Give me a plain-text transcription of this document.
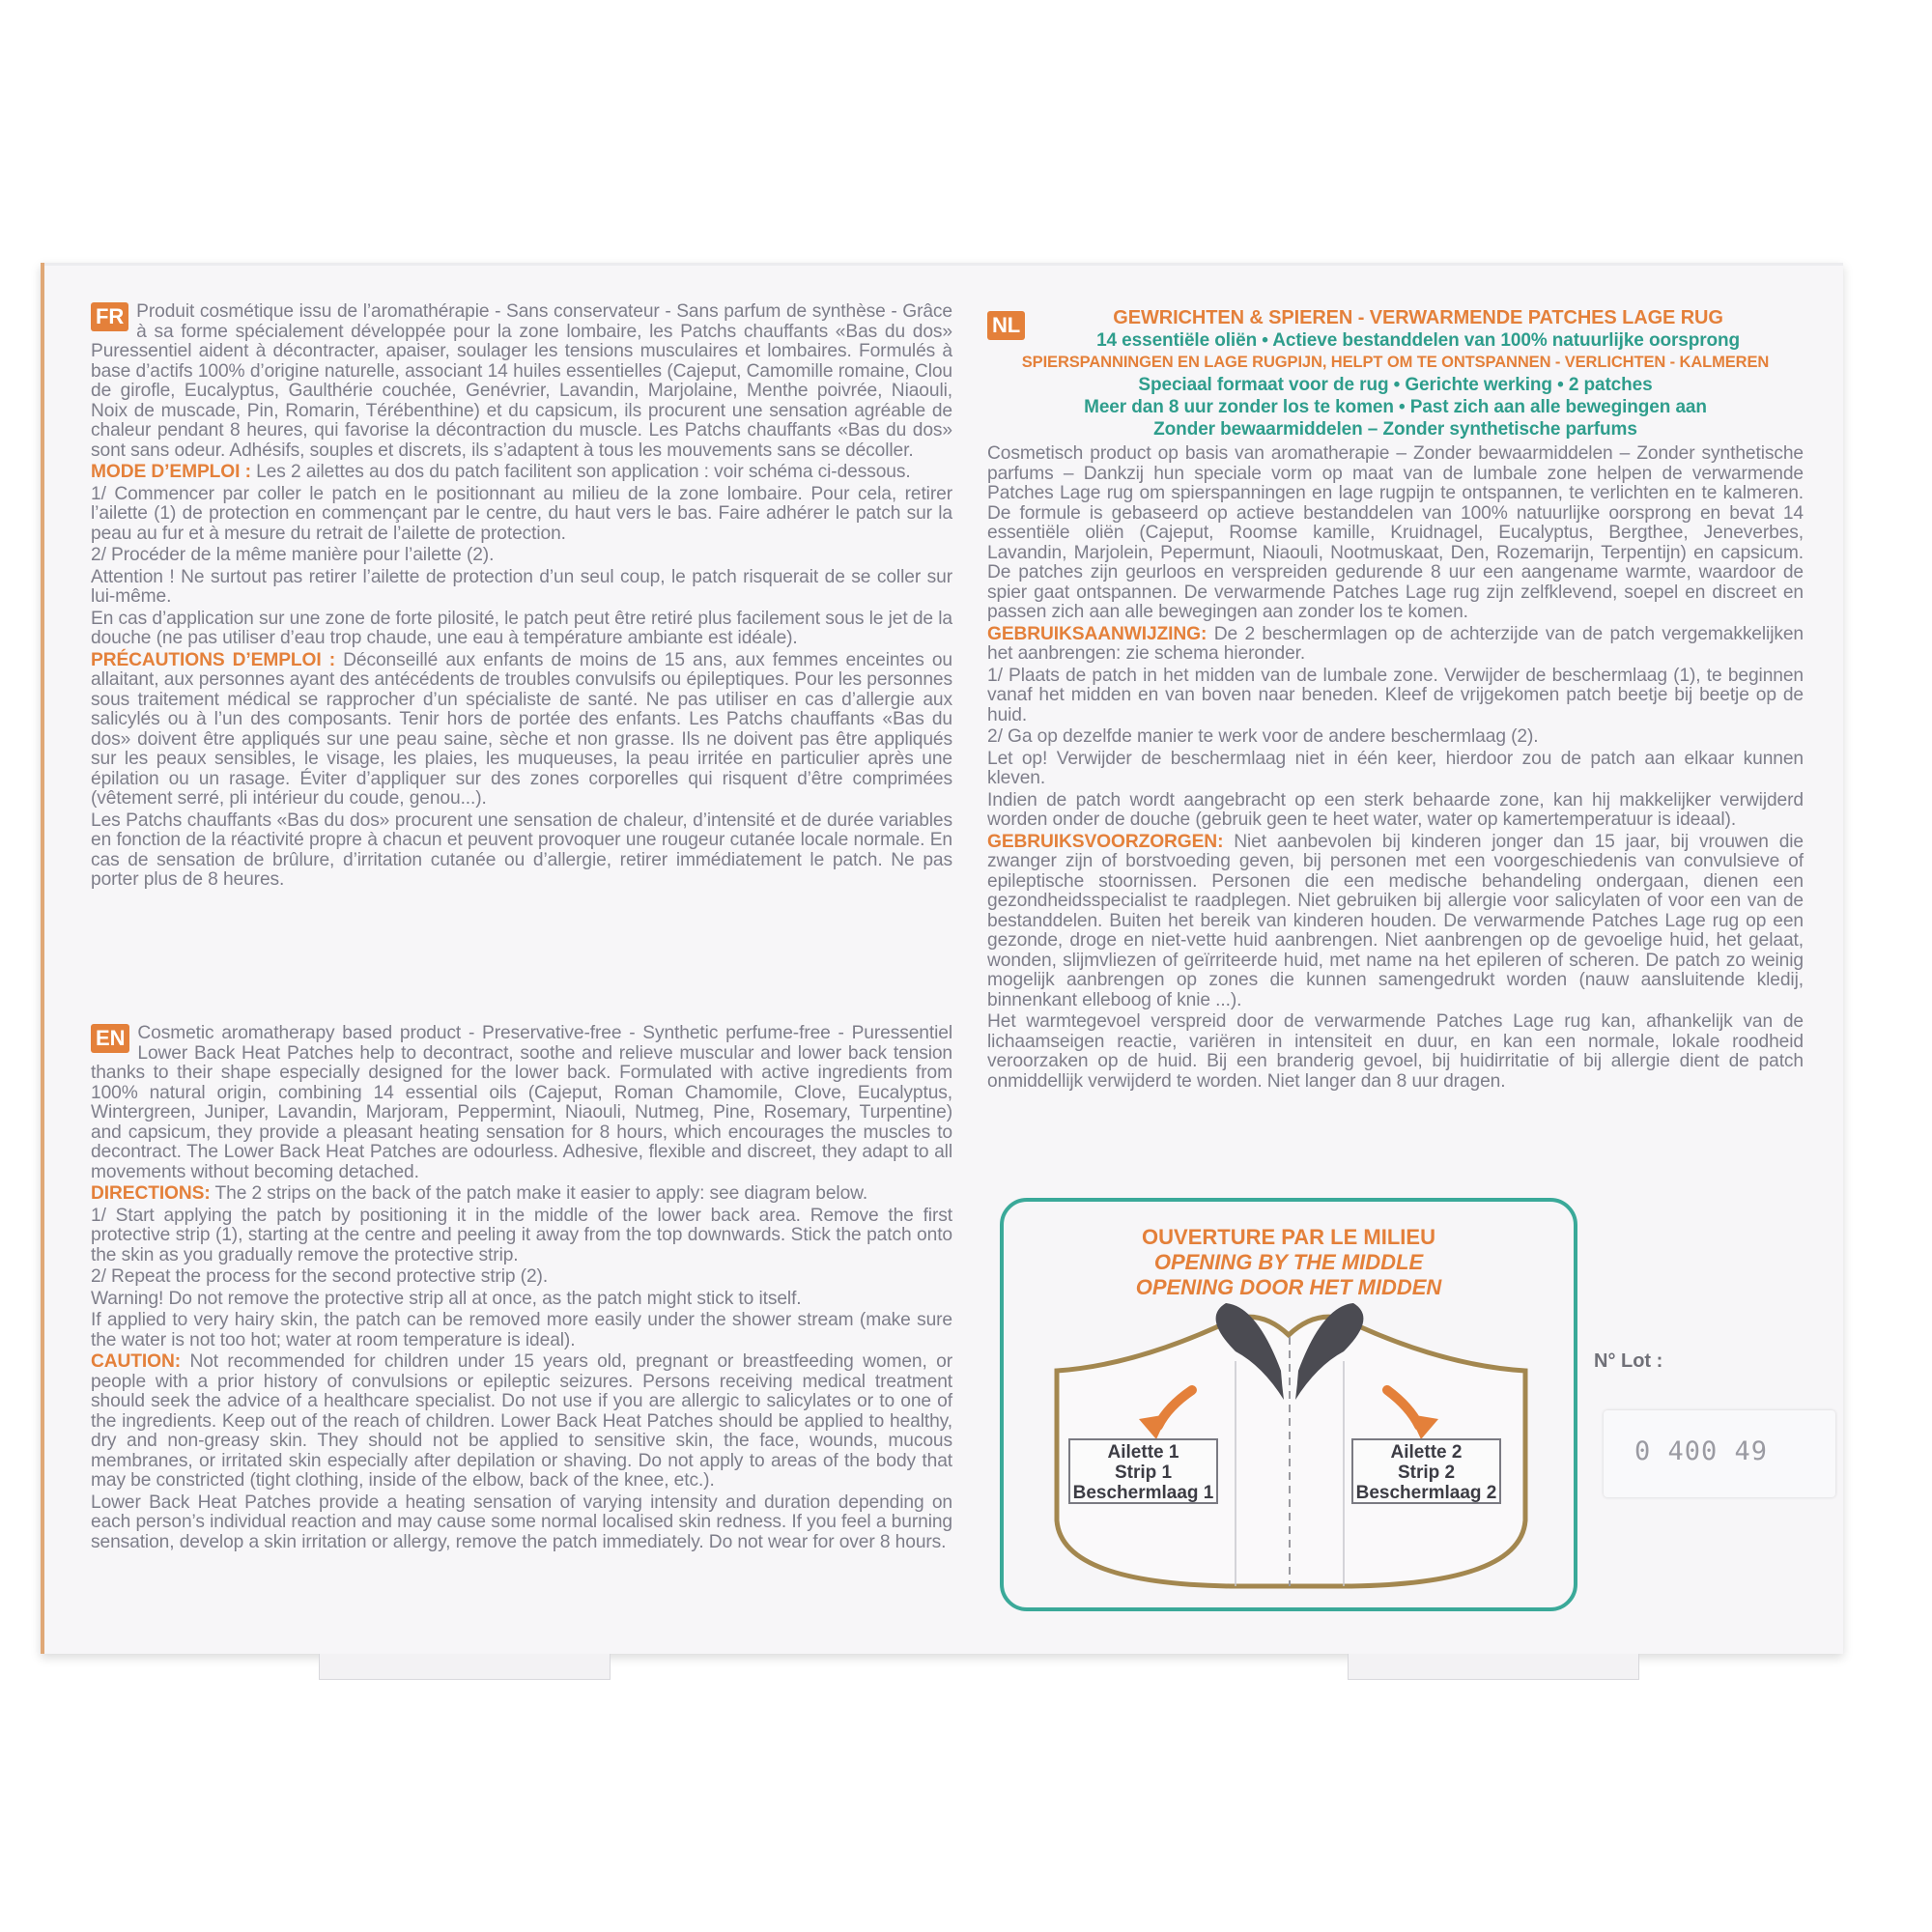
FR Produit cosmétique issu de l’aromathérapie - Sans conservateur - Sans parfum de synthèse - Grâce à sa forme spécialement développée pour la zone lombaire, les Patchs chauffants «Bas du dos» Puressentiel aident à décontracter, apaiser, soulager les tensions musculaires et lombaires. Formulés à base d’actifs 100% d’origine naturelle, associant 14 huiles essentielles (Cajeput, Camomille romaine, Clou de girofle, Eucalyptus, Gaulthérie couchée, Genévrier, Lavandin, Marjolaine, Menthe poivrée, Niaouli, Noix de muscade, Pin, Romarin, Térébenthine) et du capsicum, ils procurent une sensation agréable de chaleur pendant 8 heures, qui favorise la décontraction du muscle. Les Patchs chauffants «Bas du dos» sont sans odeur. Adhésifs, souples et discrets, ils s’adaptent à tous les mouvements sans se décoller.

MODE D’EMPLOI : Les 2 ailettes au dos du patch facilitent son application : voir schéma ci-dessous.

1/ Commencer par coller le patch en le positionnant au milieu de la zone lombaire. Pour cela, retirer l’ailette (1) de protection en commençant par le centre, du haut vers le bas. Faire adhérer le patch sur la peau au fur et à mesure du retrait de l’ailette de protection.

2/ Procéder de la même manière pour l’ailette (2).

Attention ! Ne surtout pas retirer l’ailette de protection d’un seul coup, le patch risquerait de se coller sur lui-même.

En cas d’application sur une zone de forte pilosité, le patch peut être retiré plus facilement sous le jet de la douche (ne pas utiliser d’eau trop chaude, une eau à température ambiante est idéale).

PRÉCAUTIONS D’EMPLOI : Déconseillé aux enfants de moins de 15 ans, aux femmes enceintes ou allaitant, aux personnes ayant des antécédents de troubles convulsifs ou épileptiques. Pour les personnes sous traitement médical se rapprocher d’un spécialiste de santé. Ne pas utiliser en cas d’allergie aux salicylés ou à l’un des composants. Tenir hors de portée des enfants. Les Patchs chauffants «Bas du dos» doivent être appliqués sur une peau saine, sèche et non grasse. Ils ne doivent pas être appliqués sur les peaux sensibles, le visage, les plaies, les muqueuses, la peau irritée en particulier après une épilation ou un rasage. Éviter d’appliquer sur des zones corporelles qui risquent d’être comprimées (vêtement serré, pli intérieur du coude, genou...).

Les Patchs chauffants «Bas du dos» procurent une sensation de chaleur, d’intensité et de durée variables en fonction de la réactivité propre à chacun et peuvent provoquer une rougeur cutanée locale normale. En cas de sensation de brûlure, d’irritation cutanée ou d’allergie, retirer immédiatement le patch. Ne pas porter plus de 8 heures.

EN Cosmetic aromatherapy based product - Preservative-free - Synthetic perfume-free - Puressentiel Lower Back Heat Patches help to decontract, soothe and relieve muscular and lower back tension thanks to their shape especially designed for the lower back. Formulated with active ingredients from 100% natural origin, combining 14 essential oils (Cajeput, Roman Chamomile, Clove, Eucalyptus, Wintergreen, Juniper, Lavandin, Marjoram, Peppermint, Niaouli, Nutmeg, Pine, Rosemary, Turpentine) and capsicum, they provide a pleasant heating sensation for 8 hours, which encourages the muscles to decontract. The Lower Back Heat Patches are odourless. Adhesive, flexible and discreet, they adapt to all movements without becoming detached.

DIRECTIONS: The 2 strips on the back of the patch make it easier to apply: see diagram below.

1/ Start applying the patch by positioning it in the middle of the lower back area. Remove the first protective strip (1), starting at the centre and peeling it away from the top downwards. Stick the patch onto the skin as you gradually remove the protective strip.

2/ Repeat the process for the second protective strip (2).

Warning! Do not remove the protective strip all at once, as the patch might stick to itself.

If applied to very hairy skin, the patch can be removed more easily under the shower stream (make sure the water is not too hot; water at room temperature is ideal).

CAUTION: Not recommended for children under 15 years old, pregnant or breastfeeding women, or people with a prior history of convulsions or epileptic seizures. Persons receiving medical treatment should seek the advice of a healthcare specialist. Do not use if you are allergic to salicylates or to one of the ingredients. Keep out of the reach of children. Lower Back Heat Patches should be applied to healthy, dry and non-greasy skin. They should not be applied to sensitive skin, the face, wounds, mucous membranes, or irritated skin especially after depilation or shaving. Do not apply to areas of the body that may be constricted (tight clothing, inside of the elbow, back of the knee, etc.).

Lower Back Heat Patches provide a heating sensation of varying intensity and duration depending on each person’s individual reaction and may cause some normal localised skin redness. If you feel a burning sensation, develop a skin irritation or allergy, remove the patch immediately. Do not wear for over 8 hours.

NL	GEWRICHTEN & SPIEREN - VERWARMENDE PATCHES LAGE RUG
14 essentiële oliën • Actieve bestanddelen van 100% natuurlijke oorsprong
SPIERSPANNINGEN EN LAGE RUGPIJN, HELPT OM TE ONTSPANNEN - VERLICHTEN - KALMEREN
Speciaal formaat voor de rug • Gerichte werking • 2 patches
Meer dan 8 uur zonder los te komen • Past zich aan alle bewegingen aan
Zonder bewaarmiddelen – Zonder synthetische parfums

Cosmetisch product op basis van aromatherapie – Zonder bewaarmiddelen – Zonder synthetische parfums – Dankzij hun speciale vorm op maat van de lumbale zone helpen de verwarmende Patches Lage rug om spierspanningen en lage rugpijn te ontspannen, te verlichten en te kalmeren. De formule is gebaseerd op actieve bestanddelen van 100% natuurlijke oorsprong en bevat 14 essentiële oliën (Cajeput, Roomse kamille, Kruidnagel, Eucalyptus, Bergthee, Jeneverbes, Lavandin, Marjolein, Pepermunt, Niaouli, Nootmuskaat, Den, Rozemarijn, Terpentijn) en capsicum. De patches zijn geurloos en verspreiden gedurende 8 uur een aangename warmte, waardoor de spier gaat ontspannen. De verwarmende Patches Lage rug zijn zelfklevend, soepel en discreet en passen zich aan alle bewegingen aan zonder los te komen.

GEBRUIKSAANWIJZING: De 2 beschermlagen op de achterzijde van de patch vergemakkelijken het aanbrengen: zie schema hieronder.

1/ Plaats de patch in het midden van de lumbale zone. Verwijder de beschermlaag (1), te beginnen vanaf het midden en van boven naar beneden. Kleef de vrijgekomen patch beetje bij beetje op de huid.

2/ Ga op dezelfde manier te werk voor de andere beschermlaag (2).

Let op! Verwijder de beschermlaag niet in één keer, hierdoor zou de patch aan elkaar kunnen kleven.

Indien de patch wordt aangebracht op een sterk behaarde zone, kan hij makkelijker verwijderd worden onder de douche (gebruik geen te heet water, water op kamertemperatuur is ideaal).

GEBRUIKSVOORZORGEN: Niet aanbevolen bij kinderen jonger dan 15 jaar, bij vrouwen die zwanger zijn of borstvoeding geven, bij personen met een voorgeschiedenis van convulsieve of epileptische stoornissen. Personen die een medische behandeling ondergaan, dienen een gezondheidsspecialist te raadplegen. Niet gebruiken bij allergie voor salicylaten of voor een van de bestanddelen. Buiten het bereik van kinderen houden. De verwarmende Patches Lage rug op een gezonde, droge en niet-vette huid aanbrengen. Niet aanbrengen op de gevoelige huid, het gelaat, wonden, slijmvliezen of geïrriteerde huid, met name na het epileren of scheren. De patch zo weinig mogelijk aanbrengen op zones die kunnen samengedrukt worden (nauw aansluitende kledij, binnenkant elleboog of knie ...).

Het warmtegevoel verspreid door de verwarmende Patches Lage rug kan, afhankelijk van de lichaamseigen reactie, variëren in intensiteit en duur, en kan een normale, lokale roodheid veroorzaken op de huid. Bij een branderig gevoel, bij huidirritatie of bij allergie dient de patch onmiddellijk verwijderd te worden. Niet langer dan 8 uur dragen.

OUVERTURE PAR LE MILIEU
OPENING BY THE MIDDLE
OPENING DOOR HET MIDDEN
Ailette 1
Strip 1
Beschermlaag 1
Ailette 2
Strip 2
Beschermlaag 2
N° Lot :
0 400 49
